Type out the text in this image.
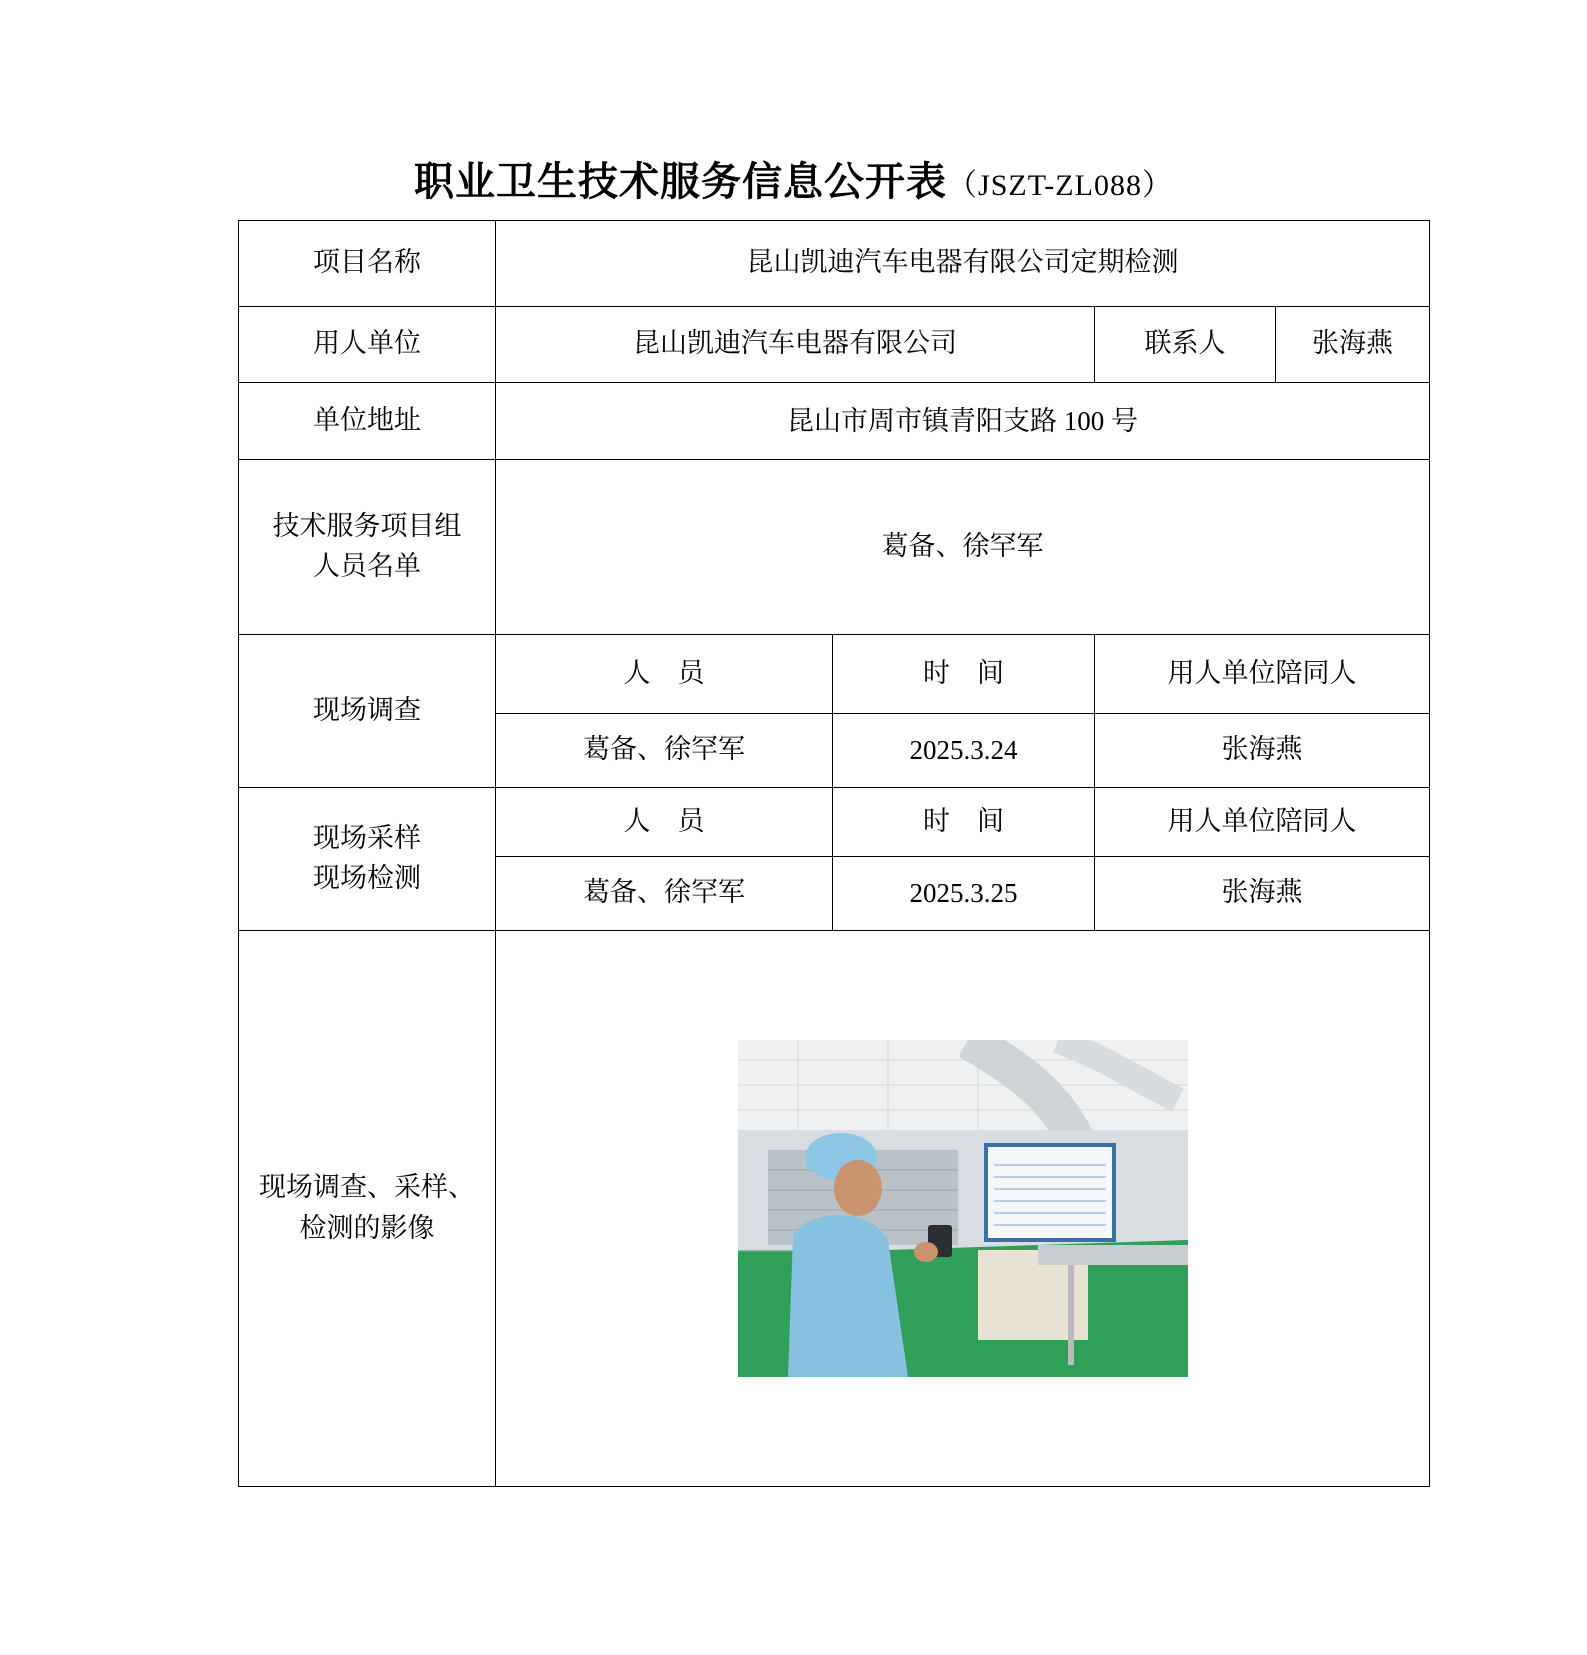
职业卫生技术服务信息公开表（JSZT-ZL088）
项目名称	昆山凯迪汽车电器有限公司定期检测			
用人单位	昆山凯迪汽车电器有限公司		联系人	张海燕
单位地址	昆山市周市镇青阳支路 100 号			

技术服务项目组
人员名单	葛备、徐罕军			
现场调查	人　员	时　间	用人单位陪同人	
	葛备、徐罕军	2025.3.24	张海燕	

现场采样
现场检测	人　员	时　间	用人单位陪同人	
	葛备、徐罕军	2025.3.25	张海燕	

现场调查、采样、
检测的影像
